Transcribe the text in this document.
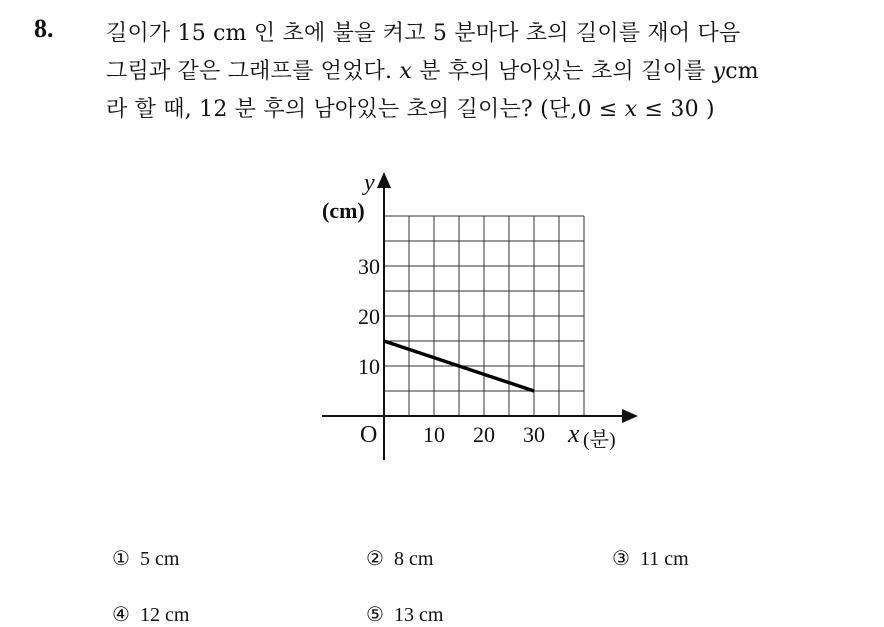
8. 길이가 15 cm 인 초에 불을 켜고 5 분마다 초의 길이를 재어 다음
그림과 같은 그래프를 얻었다. x 분 후의 남아있는 초의 길이를 ycm
라 할 때, 12 분 후의 남아있는 초의 길이는? (단,0 ≤ x ≤ 30 )
10 20 30
10
20
30
y
(cm)
O	x (분)
① 5 cm	② 8 cm	③ 11 cm
④ 12 cm	⑤ 13 cm
